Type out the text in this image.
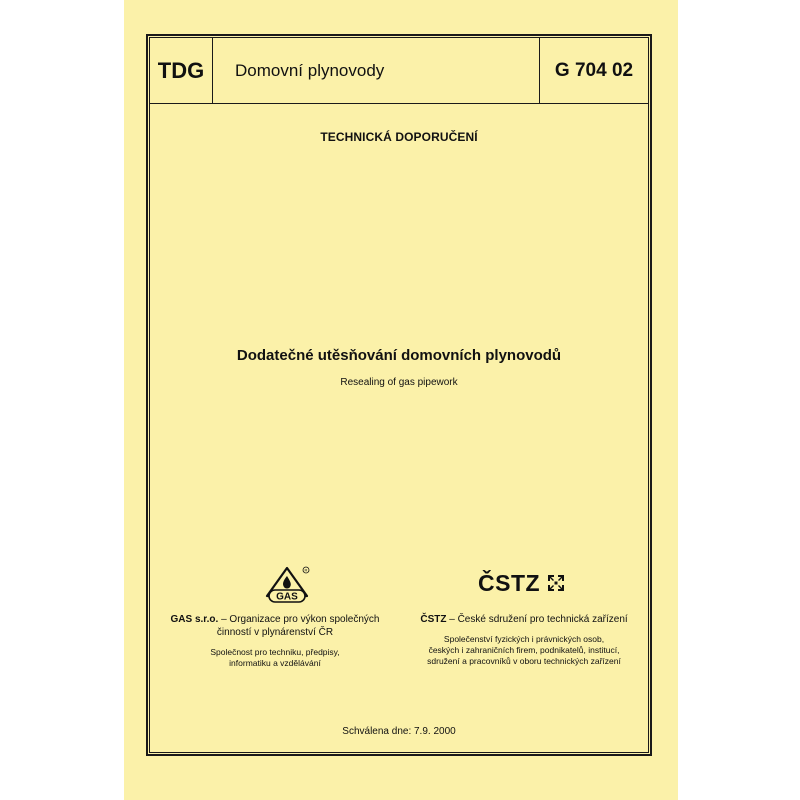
TDG	Domovní plynovody	G 704 02
TECHNICKÁ DOPORUČENÍ
Dodatečné utěsňování domovních plynovodů
Resealing of gas pipework
GAS
R
GAS s.r.o. – Organizace pro výkon společných
činností v plynárenství ČR
Společnost pro techniku, předpisy,
informatiku a vzdělávání
ČSTZ
ČSTZ – České sdružení pro technická zařízení
Společenství fyzických i právnických osob,
českých i zahraničních firem, podnikatelů, institucí,
sdružení a pracovníků v oboru technických zařízení
Schválena dne: 7.9. 2000
